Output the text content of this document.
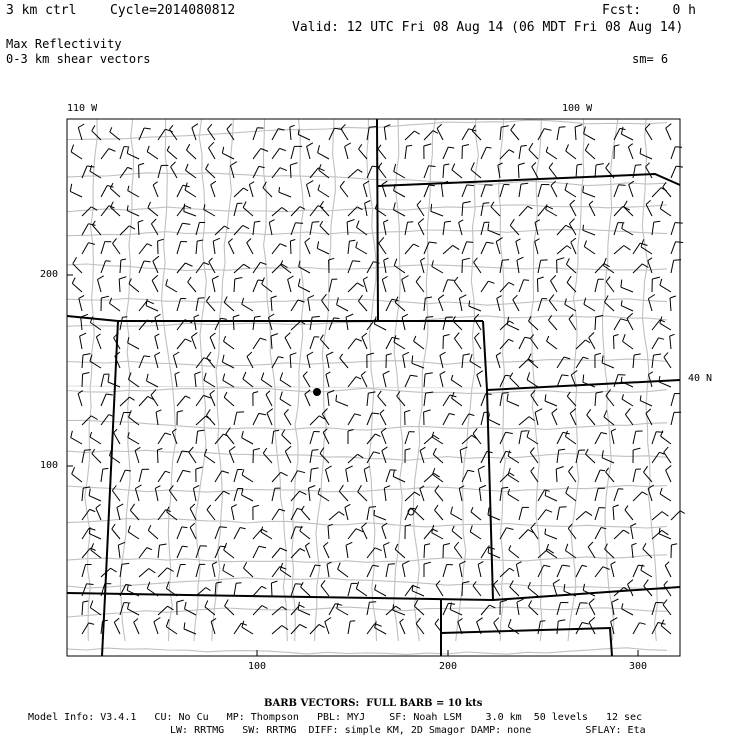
3 km ctrl	Cycle=2014080812	Fcst:    0 h
Valid: 12 UTC Fri 08 Aug 14 (06 MDT Fri 08 Aug 14)
Max Reflectivity
0-3 km shear vectors	sm= 6
110 W	100 W
40 N
200
100
100	200	300
BARB VECTORS:  FULL BARB = 10 kts
Model Info: V3.4.1   CU: No Cu   MP: Thompson   PBL: MYJ    SF: Noah LSM    3.0 km  50 levels   12 sec
LW: RRTMG   SW: RRTMG  DIFF: simple KM, 2D Smagor DAMP: none         SFLAY: Eta
